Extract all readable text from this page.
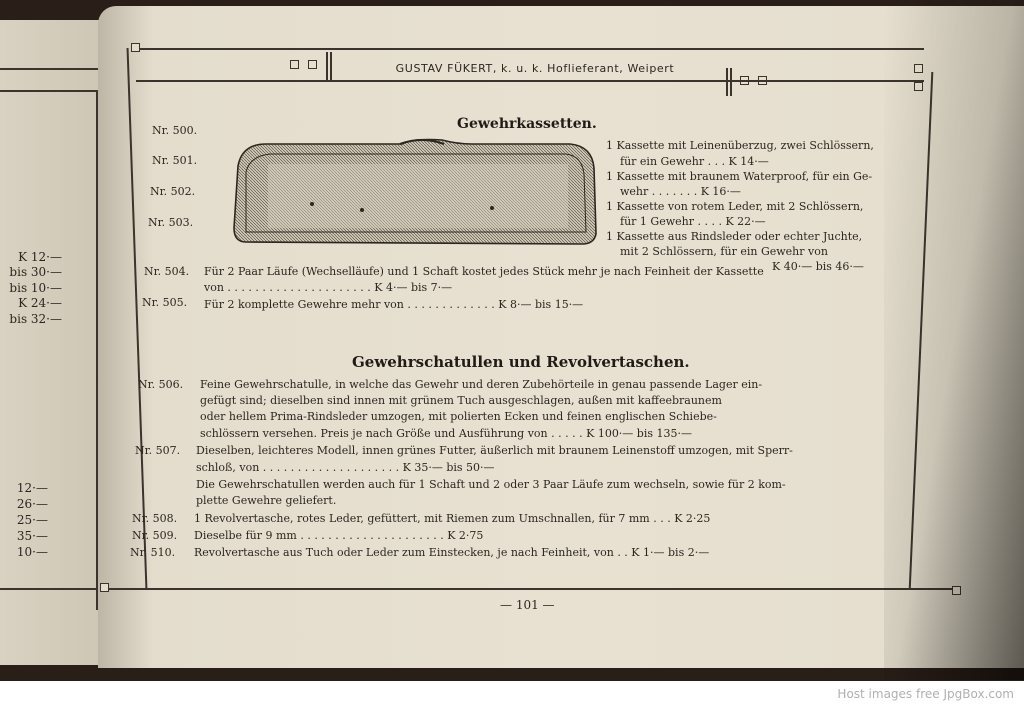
K 12·—
bis 30·—
bis 10·—
K 24·—
bis 32·—
12·—
26·—
25·—
35·—
10·—
GUSTAV FÜKERT, k. u. k. Hoflieferant, Weipert
Gewehrkassetten.
Nr. 500.
Nr. 501.
Nr. 502.
Nr. 503.
1 Kassette mit Leinenüberzug, zwei Schlössern,
für ein Gewehr . . . K 14·—
1 Kassette mit braunem Waterproof, für ein Ge-
wehr . . . . . . . K 16·—
1 Kassette von rotem Leder, mit 2 Schlössern,
für 1 Gewehr . . . . K 22·—
1 Kassette aus Rindsleder oder echter Juchte,
mit 2 Schlössern, für ein Gewehr von
K 40·— bis 46·—
Nr. 504. Für 2 Paar Läufe (Wechselläufe) und 1 Schaft kostet jedes Stück mehr je nach Feinheit der Kassette
von . . . . . . . . . . . . . . . . . . . . . K 4·— bis 7·—
Nr. 505. Für 2 komplette Gewehre mehr von . . . . . . . . . . . . . K 8·— bis 15·—
Gewehrschatullen und Revolvertaschen.
Nr. 506. Feine Gewehrschatulle, in welche das Gewehr und deren Zubehörteile in genau passende Lager ein-
gefügt sind; dieselben sind innen mit grünem Tuch ausgeschlagen, außen mit kaffeebraunem
oder hellem Prima-Rindsleder umzogen, mit polierten Ecken und feinen englischen Schiebe-
schlössern versehen. Preis je nach Größe und Ausführung von . . . . . K 100·— bis 135·—
Nr. 507. Dieselben, leichteres Modell, innen grünes Futter, äußerlich mit braunem Leinenstoff umzogen, mit Sperr-
schloß, von . . . . . . . . . . . . . . . . . . . . K 35·— bis 50·—
Die Gewehrschatullen werden auch für 1 Schaft und 2 oder 3 Paar Läufe zum wechseln, sowie für 2 kom-
plette Gewehre geliefert.
Nr. 508. 1 Revolvertasche, rotes Leder, gefüttert, mit Riemen zum Umschnallen, für 7 mm . . . K 2·25
Nr. 509. Dieselbe für 9 mm . . . . . . . . . . . . . . . . . . . . . K 2·75
Nr. 510. Revolvertasche aus Tuch oder Leder zum Einstecken, je nach Feinheit, von . . K 1·— bis 2·—
— 101 —
Host images free JpgBox.com
